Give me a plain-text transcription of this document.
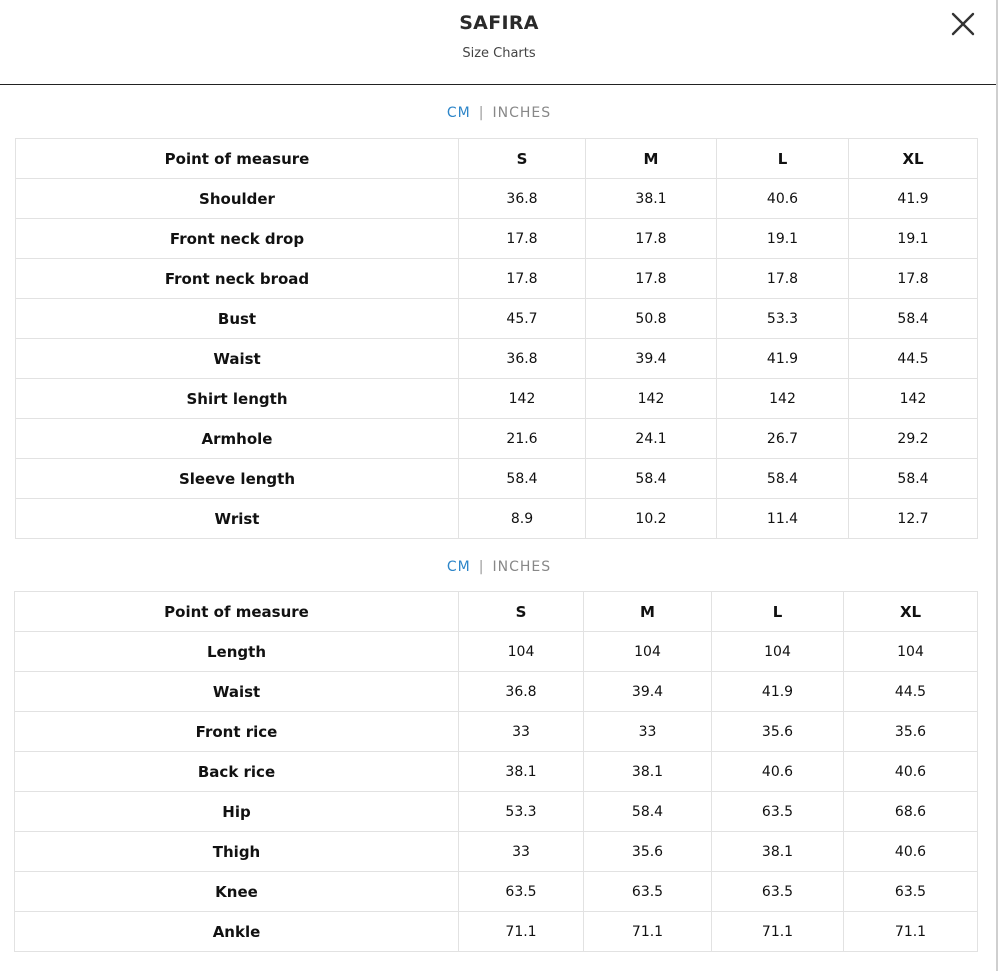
SAFIRA
Size Charts
CM | INCHES
Point of measure	S	M	L	XL
Shoulder	36.8	38.1	40.6	41.9
Front neck drop	17.8	17.8	19.1	19.1
Front neck broad	17.8	17.8	17.8	17.8
Bust	45.7	50.8	53.3	58.4
Waist	36.8	39.4	41.9	44.5
Shirt length	142	142	142	142
Armhole	21.6	24.1	26.7	29.2
Sleeve length	58.4	58.4	58.4	58.4
Wrist	8.9	10.2	11.4	12.7
CM | INCHES
Point of measure	S	M	L	XL
Length	104	104	104	104
Waist	36.8	39.4	41.9	44.5
Front rice	33	33	35.6	35.6
Back rice	38.1	38.1	40.6	40.6
Hip	53.3	58.4	63.5	68.6
Thigh	33	35.6	38.1	40.6
Knee	63.5	63.5	63.5	63.5
Ankle	71.1	71.1	71.1	71.1
